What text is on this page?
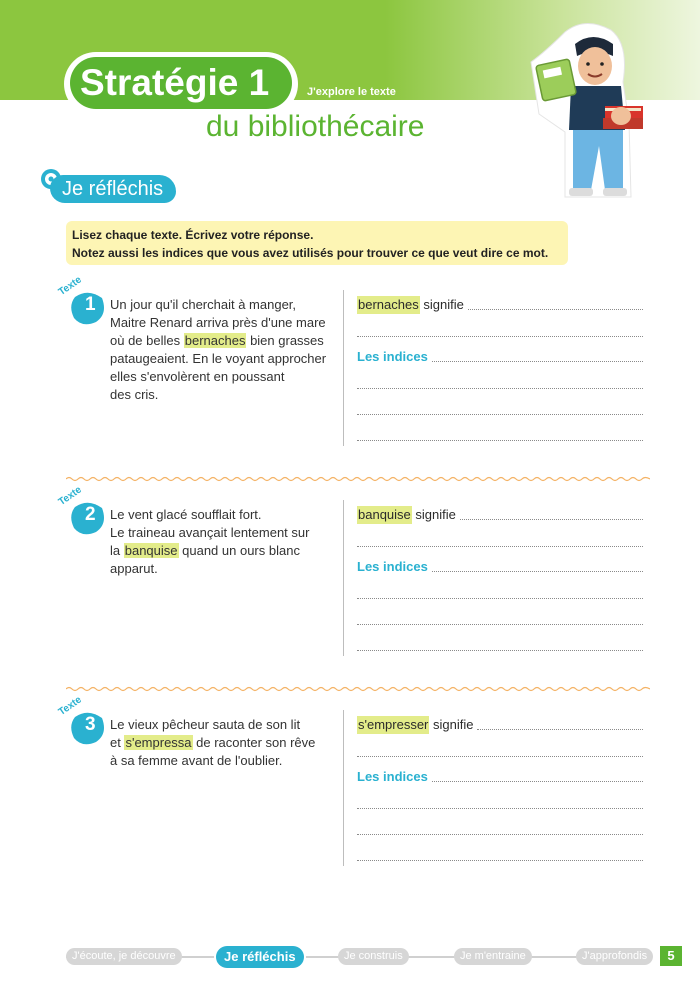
Stratégie 1	J'explore le texte
du bibliothécaire
Je réfléchis
Lisez chaque texte. Écrivez votre réponse.
Notez aussi les indices que vous avez utilisés pour trouver ce que veut dire ce mot.
Texte
1 Un jour qu'il cherchait à manger,
Maitre Renard arriva près d'une mare
où de belles bernaches bien grasses
pataugeaient. En le voyant approcher
elles s'envolèrent en poussant
des cris.
bernaches
signifie
Les indices
Texte
2 Le vent glacé soufflait fort.
Le traineau avançait lentement sur
la banquise quand un ours blanc
apparut.
banquise
signifie
Les indices
Texte
3 Le vieux pêcheur sauta de son lit
et s'empressa de raconter son rêve
à sa femme avant de l'oublier.
s'empresser
signifie
Les indices
J'écoute, je découvre	Je réfléchis	Je construis	Je m'entraine	J'approfondis	5
